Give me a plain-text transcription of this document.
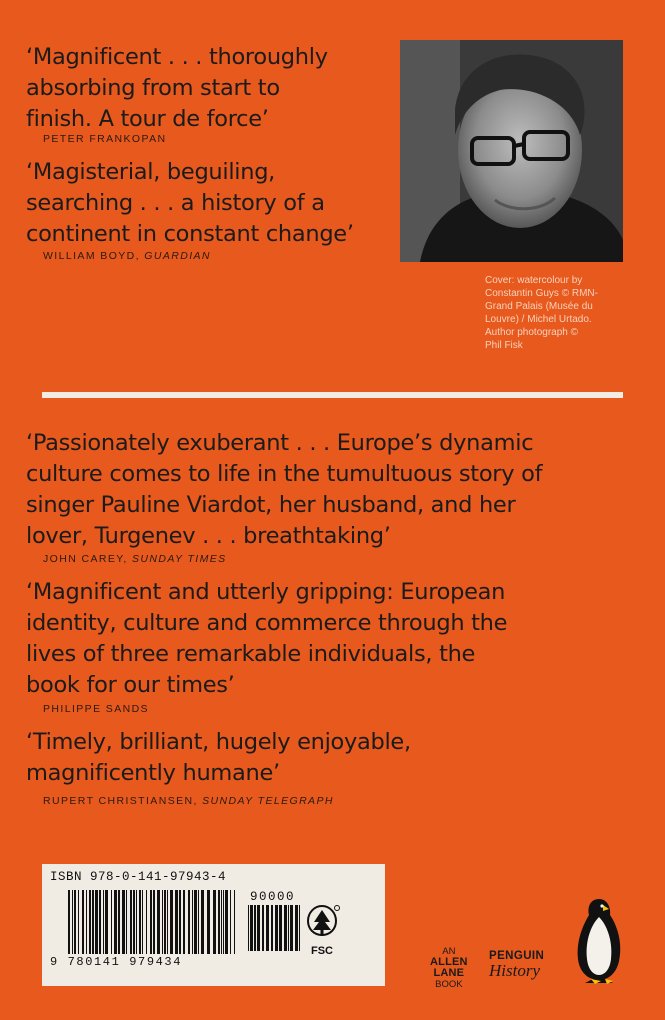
‘Magnificent . . . thoroughly
absorbing from start to
finish. A tour de force’
PETER FRANKOPAN
‘Magisterial, beguiling,
searching . . . a history of a
continent in constant change’
WILLIAM BOYD, GUARDIAN
Cover: watercolour by
Constantin Guys © RMN-
Grand Palais (Musée du
Louvre) / Michel Urtado.
Author photograph ©
Phil Fisk
‘Passionately exuberant . . . Europe’s dynamic
culture comes to life in the tumultuous story of
singer Pauline Viardot, her husband, and her
lover, Turgenev . . . breathtaking’
JOHN CAREY, SUNDAY TIMES
‘Magnificent and utterly gripping: European
identity, culture and commerce through the
lives of three remarkable individuals, the
book for our times’
PHILIPPE SANDS
‘Timely, brilliant, hugely enjoyable,
magnificently humane’
RUPERT CHRISTIANSEN, SUNDAY TELEGRAPH
ISBN 978-0-141-97943-4
90000
9 780141 979434
FSC	AN
ALLEN
LANE
BOOK
PENGUIN
History
